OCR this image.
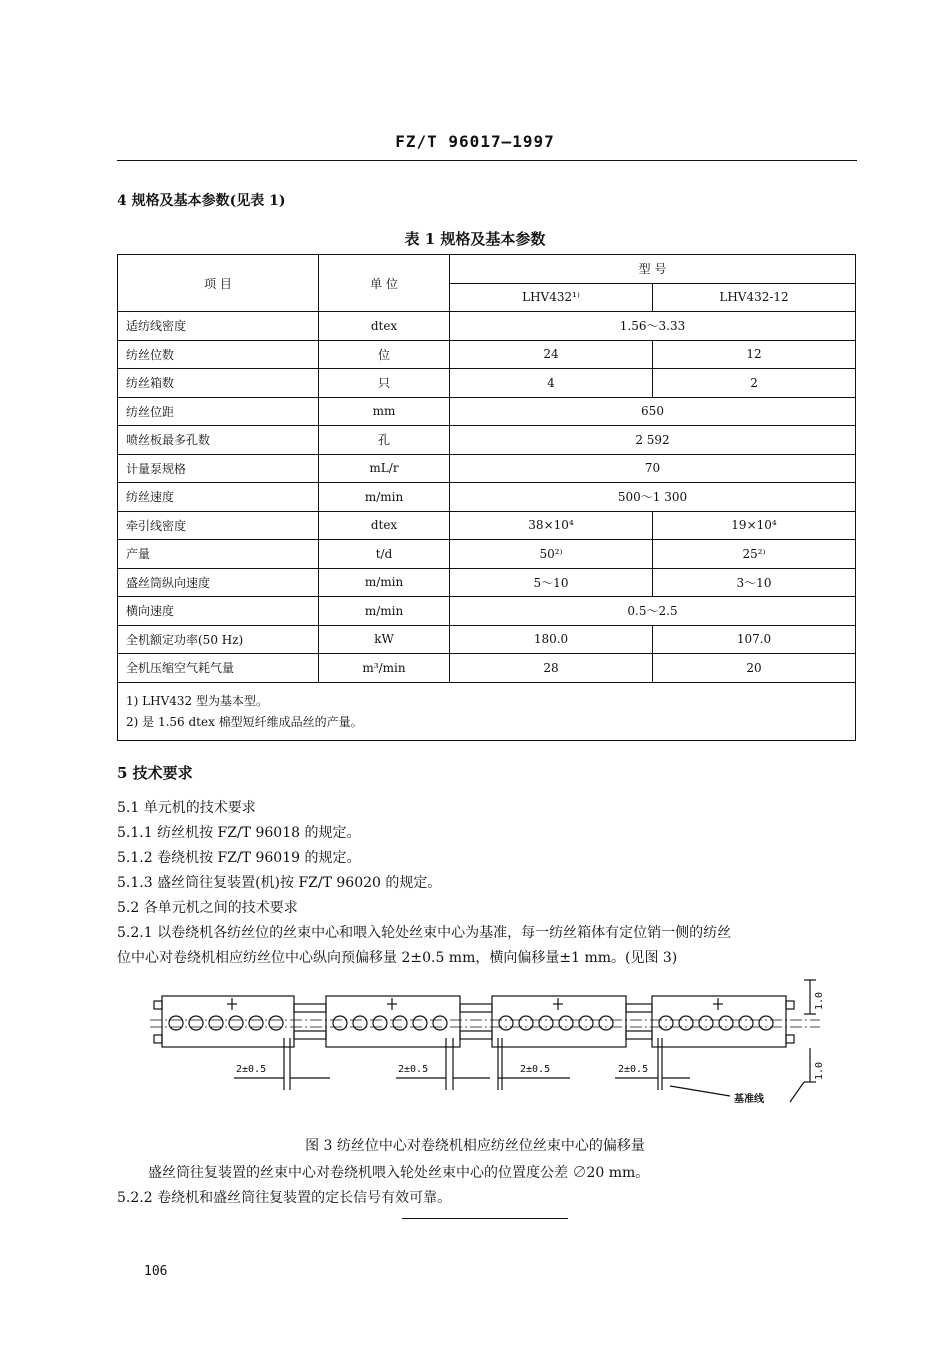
FZ/T 96017—1997
4 规格及基本参数(见表 1)
表 1 规格及基本参数
项 目	单 位	型 号	
		LHV432¹⁾	LHV432-12
适纺线密度	dtex	1.56～3.33	
纺丝位数	位	24	12
纺丝箱数	只	4	2
纺丝位距	mm	650	
喷丝板最多孔数	孔	2 592	
计量泵规格	mL/r	70	
纺丝速度	m/min	500～1 300	
牵引线密度	dtex	38×10⁴	19×10⁴
产量	t/d	50²⁾	25²⁾
盛丝筒纵向速度	m/min	5～10	3～10
横向速度	m/min	0.5～2.5	
全机额定功率(50 Hz)	kW	180.0	107.0
全机压缩空气耗气量	m³/min	28	20

1) LHV432 型为基本型。
2) 是 1.56 dtex 棉型短纤维成品丝的产量。			
5 技术要求
5.1 单元机的技术要求
5.1.1 纺丝机按 FZ/T 96018 的规定。
5.1.2 卷绕机按 FZ/T 96019 的规定。
5.1.3 盛丝筒往复装置(机)按 FZ/T 96020 的规定。
5.2 各单元机之间的技术要求
5.2.1 以卷绕机各纺丝位的丝束中心和喂入轮处丝束中心为基准，每一纺丝箱体有定位销一侧的纺丝
位中心对卷绕机相应纺丝位中心纵向预偏移量 2±0.5 mm，横向偏移量±1 mm。(见图 3)
2±0.5	2±0.5	2±0.5	2±0.5
1.0
1.0
基准线
图 3 纺丝位中心对卷绕机相应纺丝位丝束中心的偏移量
盛丝筒往复装置的丝束中心对卷绕机喂入轮处丝束中心的位置度公差 ∅20 mm。
5.2.2 卷绕机和盛丝筒往复装置的定长信号有效可靠。
106
